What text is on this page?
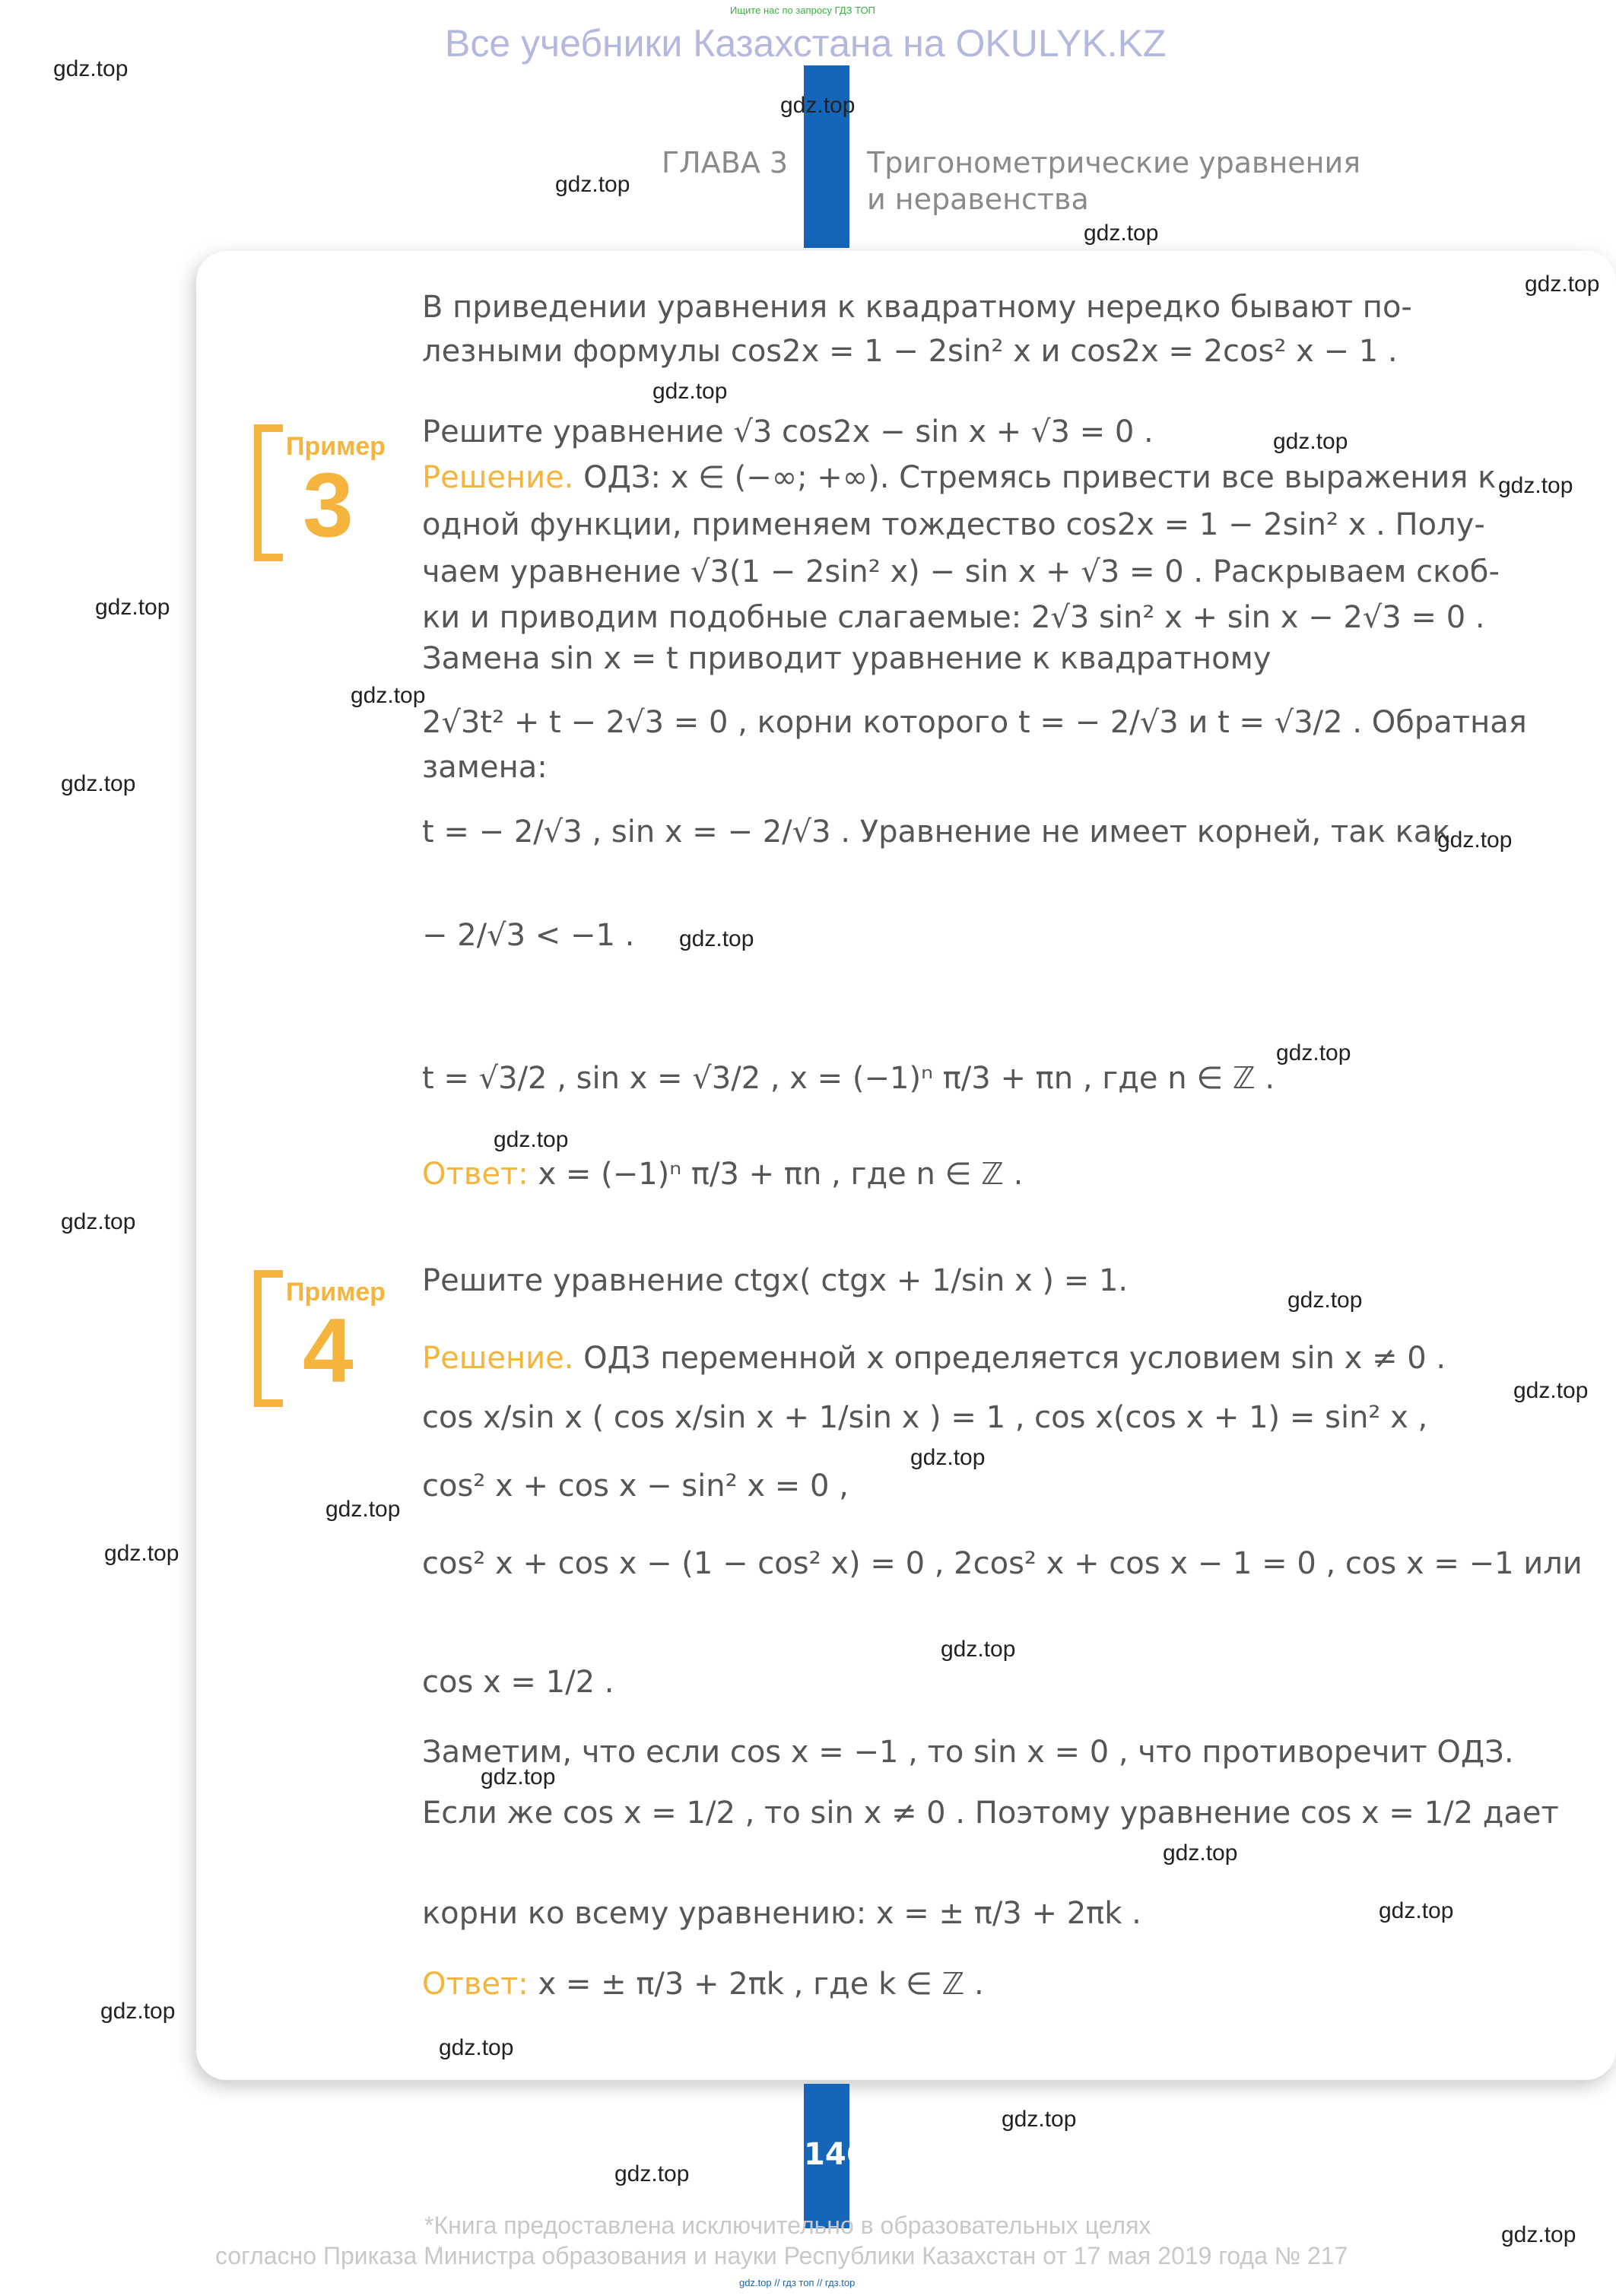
Ищите нас по запросу ГДЗ ТОП
Все учебники Казахстана на OKULYK.KZ
ГЛАВА 3	Тригонометрические уравнения
и неравенства
В приведении уравнения к квадратному нередко бывают по-
лезными формулы cos2x = 1 − 2sin² x и cos2x = 2cos² x − 1 .
Пример
3
Решите уравнение √3 cos2x − sin x + √3 = 0 .
Решение. ОДЗ: x ∈ (−∞; +∞). Стремясь привести все выражения к
одной функции, применяем тождество cos2x = 1 − 2sin² x . Полу-
чаем уравнение √3(1 − 2sin² x) − sin x + √3 = 0 . Раскрываем скоб-
ки и приводим подобные слагаемые: 2√3 sin² x + sin x − 2√3 = 0 .
Замена sin x = t приводит уравнение к квадратному
2√3t² + t − 2√3 = 0 , корни которого t = − 2/√3 и t = √3/2 . Обратная
замена:
t = − 2/√3 , sin x = − 2/√3 . Уравнение не имеет корней, так как
− 2/√3 < −1 .
t = √3/2 , sin x = √3/2 , x = (−1)ⁿ π/3 + πn , где n ∈ ℤ .
Ответ: x = (−1)ⁿ π/3 + πn , где n ∈ ℤ .
Пример
4
Решите уравнение ctgx( ctgx + 1/sin x ) = 1.
Решение. ОДЗ переменной x определяется условием sin x ≠ 0 .
cos x/sin x ( cos x/sin x + 1/sin x ) = 1 , cos x(cos x + 1) = sin² x ,
cos² x + cos x − sin² x = 0 ,
cos² x + cos x − (1 − cos² x) = 0 , 2cos² x + cos x − 1 = 0 , cos x = −1 или
cos x = 1/2 .
Заметим, что если cos x = −1 , то sin x = 0 , что противоречит ОДЗ.
Если же cos x = 1/2 , то sin x ≠ 0 . Поэтому уравнение cos x = 1/2 дает
корни ко всему уравнению: x = ± π/3 + 2πk .
Ответ: x = ± π/3 + 2πk , где k ∈ ℤ .
146
*Книга предоставлена исключительно в образовательных целях
согласно Приказа Министра образования и науки Республики Казахстан от 17 мая 2019 года № 217
gdz.top // гдз топ // гдз.top
gdz.top
gdz.top
gdz.top
gdz.top
gdz.top
gdz.top
gdz.top
gdz.top
gdz.top
gdz.top
gdz.top
gdz.top
gdz.top
gdz.top
gdz.top
gdz.top
gdz.top
gdz.top
gdz.top
gdz.top
gdz.top
gdz.top
gdz.top
gdz.top
gdz.top
gdz.top
gdz.top
gdz.top
gdz.top
gdz.top
